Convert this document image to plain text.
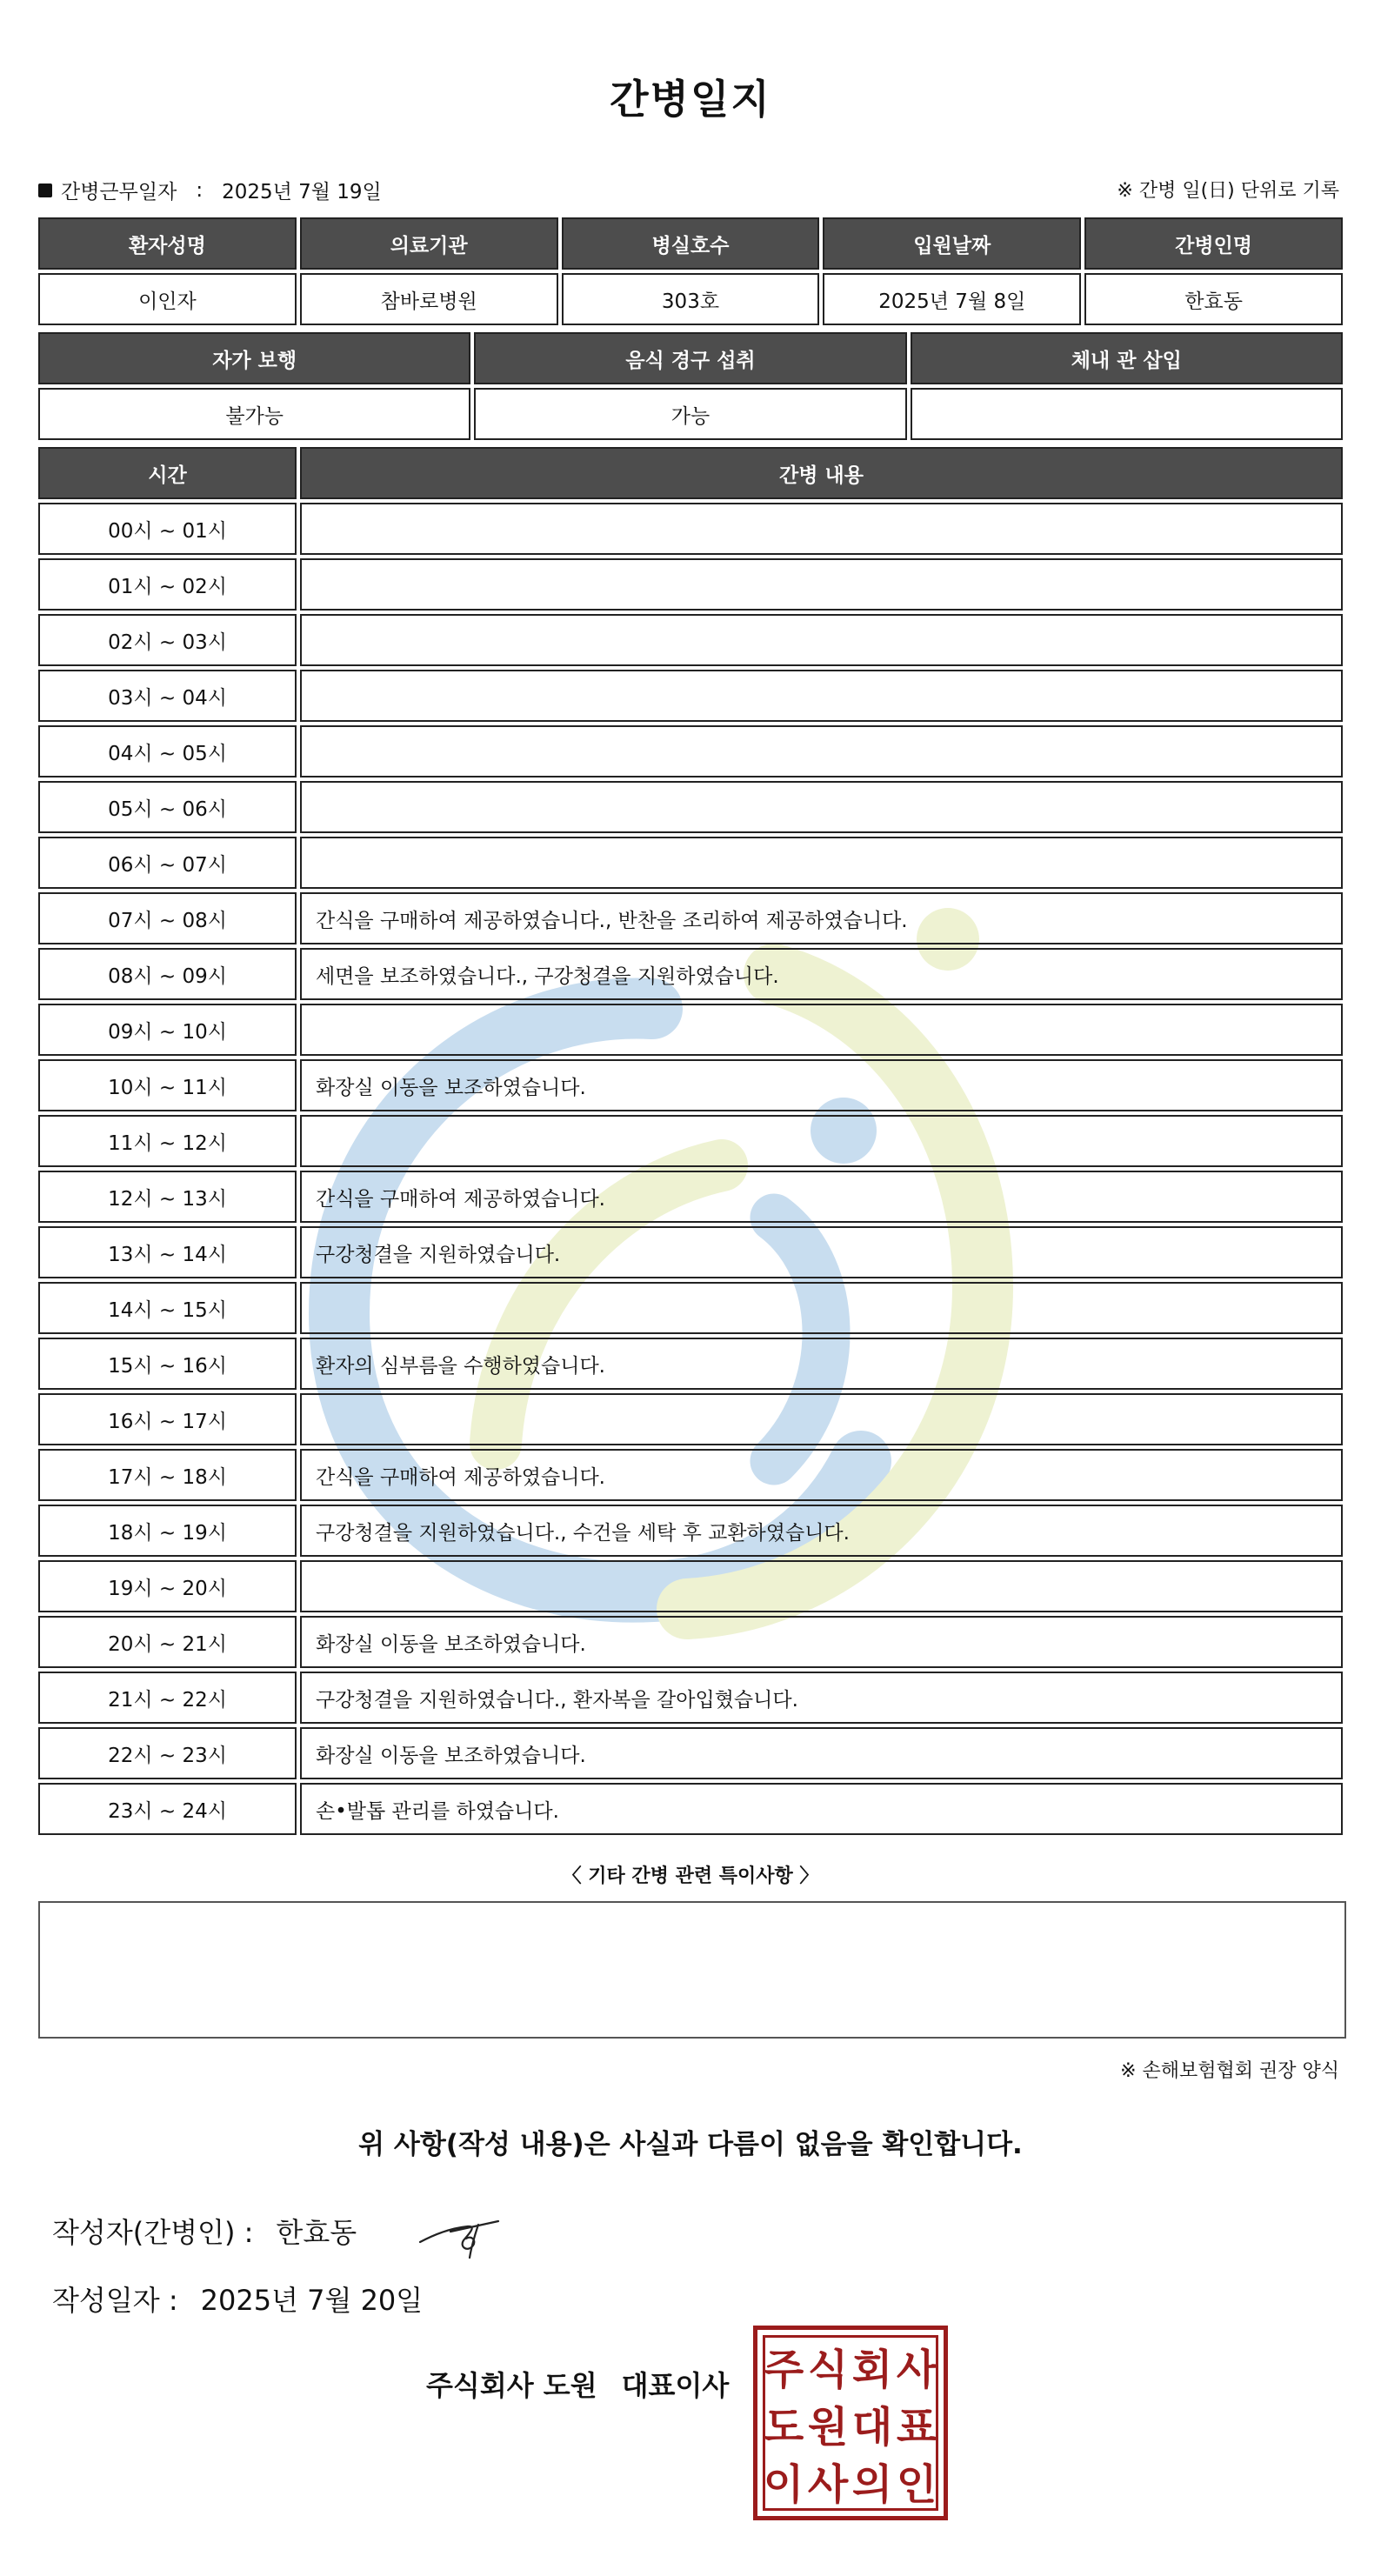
간병일지
간병근무일자 : 2025년 7월 19일	※ 간병 일(日) 단위로 기록
환자성명	의료기관	병실호수	입원날짜	간병인명
이인자	참바로병원	303호	2025년 7월 8일	한효동
자가 보행	음식 경구 섭취	체내 관 삽입
불가능	가능	
시간	간병 내용
00시 ~ 01시	
01시 ~ 02시	
02시 ~ 03시	
03시 ~ 04시	
04시 ~ 05시	
05시 ~ 06시	
06시 ~ 07시	
07시 ~ 08시	간식을 구매하여 제공하였습니다., 반찬을 조리하여 제공하였습니다.
08시 ~ 09시	세면을 보조하였습니다., 구강청결을 지원하였습니다.
09시 ~ 10시	
10시 ~ 11시	화장실 이동을 보조하였습니다.
11시 ~ 12시	
12시 ~ 13시	간식을 구매하여 제공하였습니다.
13시 ~ 14시	구강청결을 지원하였습니다.
14시 ~ 15시	
15시 ~ 16시	환자의 심부름을 수행하였습니다.
16시 ~ 17시	
17시 ~ 18시	간식을 구매하여 제공하였습니다.
18시 ~ 19시	구강청결을 지원하였습니다., 수건을 세탁 후 교환하였습니다.
19시 ~ 20시	
20시 ~ 21시	화장실 이동을 보조하였습니다.
21시 ~ 22시	구강청결을 지원하였습니다., 환자복을 갈아입혔습니다.
22시 ~ 23시	화장실 이동을 보조하였습니다.
23시 ~ 24시	손•발톱 관리를 하였습니다.
〈 기타 간병 관련 특이사항 〉
※ 손해보험협회 권장 양식
위 사항(작성 내용)은 사실과 다름이 없음을 확인합니다.
작성자(간병인) : 한효동
작성일자 : 2025년 7월 20일
주식회사 도원 대표이사 주 식 회 사
도 원 대 표
이 사 의 인
